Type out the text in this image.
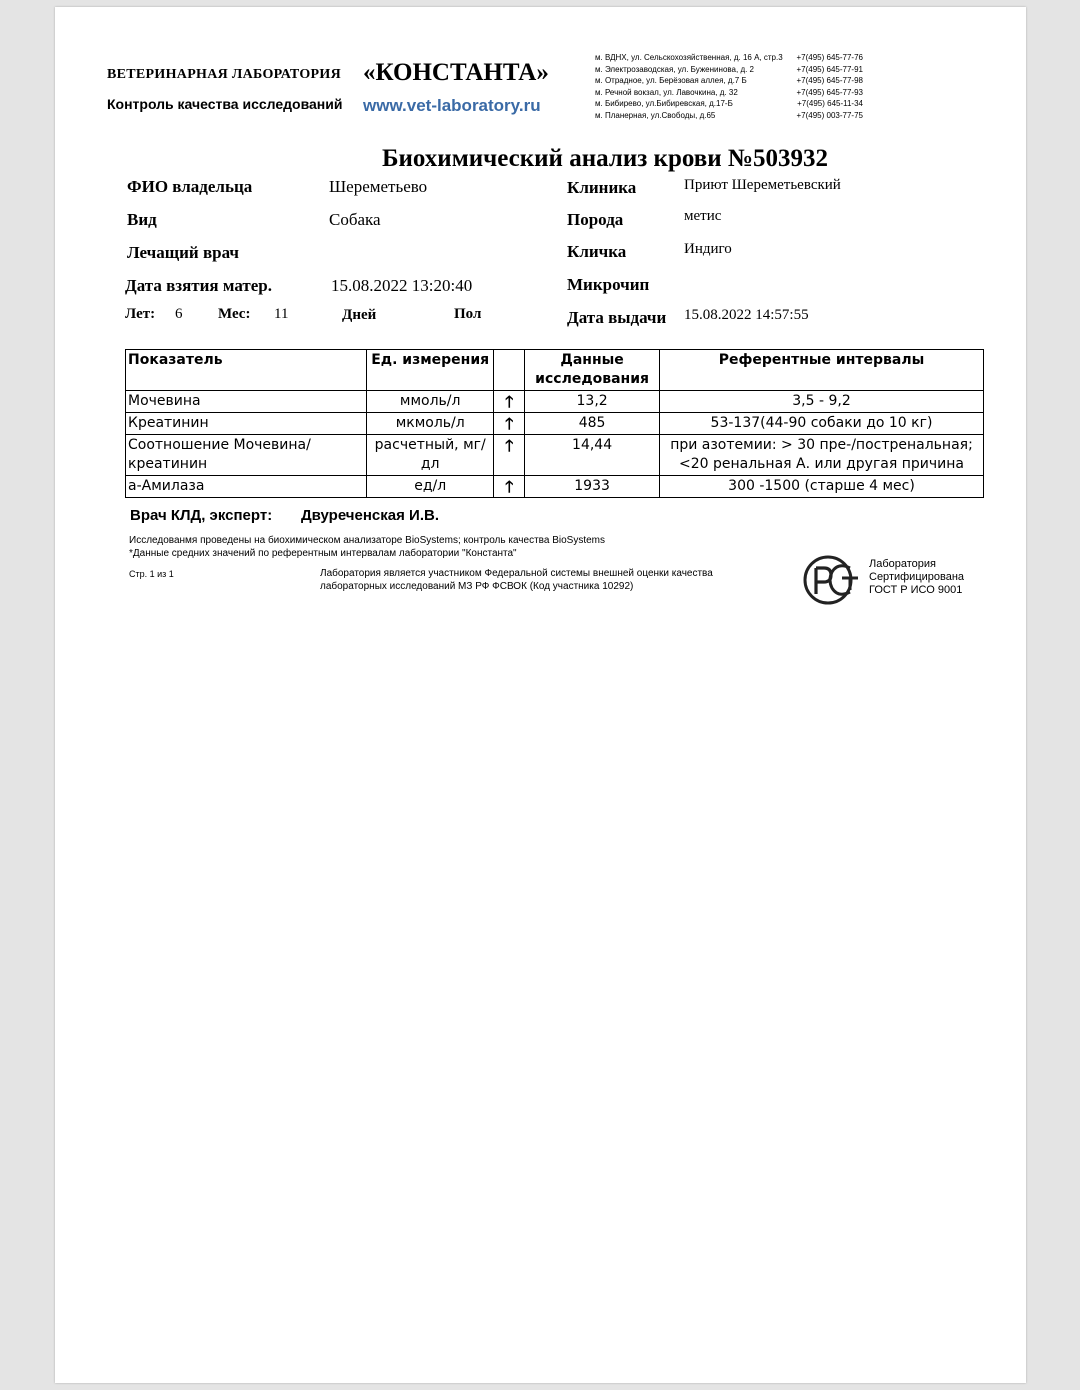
ВЕТЕРИНАРНАЯ ЛАБОРАТОРИЯ «КОНСТАНТА»
Контроль качества исследований www.vet-laboratory.ru
м. ВДНХ, ул. Сельскохозяйственная, д. 16 А, стр.3	+7(495) 645-77-76
м. Электрозаводская, ул. Буженинова, д. 2	+7(495) 645-77-91
м. Отрадное, ул. Берёзовая аллея, д.7 Б	+7(495) 645-77-98
м. Речной вокзал, ул. Лавочкина, д. 32	+7(495) 645-77-93
м. Бибирево, ул.Бибиревская, д.17-Б	+7(495) 645-11-34
м. Планерная, ул.Свободы, д.65	+7(495) 003-77-75
Биохимический анализ крови №503932
ФИО владельца	Шереметьево
Вид	Собака
Лечащий врач
Дата взятия матер.	15.08.2022 13:20:40
Лет: 6 Мес: 11	Дней	Пол
Клиника	Приют Шереметьевский
Порода	метис
Кличка	Индиго
Микрочип
Дата выдачи 15.08.2022 14:57:55
Показатель	Ед. измерения		Данные исследования	Референтные интервалы
Мочевина	ммоль/л	🡑	13,2	3,5 - 9,2
Креатинин	мкмоль/л	🡑	485	53-137(44-90 собаки до 10 кг)
Соотношение Мочевина/креатинин	расчетный, мг/дл	🡑	14,44	при азотемии: > 30 пре-/постренальная; <20 ренальная А. или другая причина
а-Амилаза	ед/л	🡑	1933	300 -1500 (старше 4 мес)
Врач КЛД, эксперт: Двуреченская И.В.
Исследованмя проведены на биохимическом анализаторе BioSystems; контроль качества BioSystems
*Данные средних значений по референтным интервалам лаборатории "Константа"
Стр. 1 из 1	Лаборатория является участником Федеральной системы внешней оценки качества
лабораторных исследований МЗ РФ ФСВОК (Код участника 10292)
Лаборатория
Сертифицирована
ГОСТ Р ИСО 9001
